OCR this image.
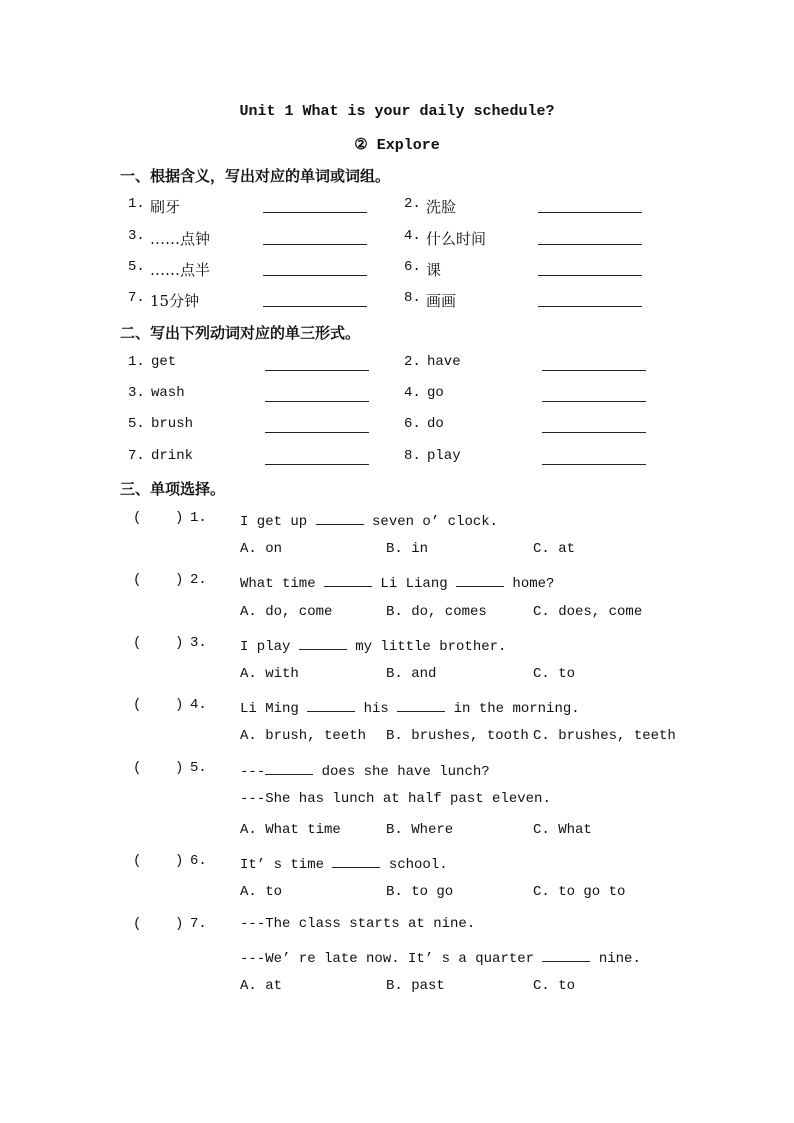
Unit 1 What is your daily schedule?
② Explore
一、根据含义，写出对应的单词或词组。
1. 刷牙	2. 洗脸
3. ……点钟	4. 什么时间
5. ……点半	6. 课
7. 15分钟	8. 画画
二、写出下列动词对应的单三形式。
1. get	2. have
3. wash	4. go
5. brush	6. do
7. drink	8. play
三、单项选择。
(    ) 1. I get up	seven o’ clock.
A. on	B. in	C. at
(    ) 2. What time	Li Liang	home?
A. do, come	B. do, comes	C. does, come
(    ) 3. I play	my little brother.
A. with	B. and	C. to
(    ) 4. Li Ming	his	in the morning.
A. brush, teeth B. brushes, tooth C. brushes, teeth
(    ) 5. ---	does she have lunch?
---She has lunch at half past eleven.
A. What time	B. Where	C. What
(    ) 6. It’ s time	school.
A. to	B. to go	C. to go to
(    ) 7. ---The class starts at nine.
---We’ re late now. It’ s a quarter	nine.
A. at	B. past	C. to
